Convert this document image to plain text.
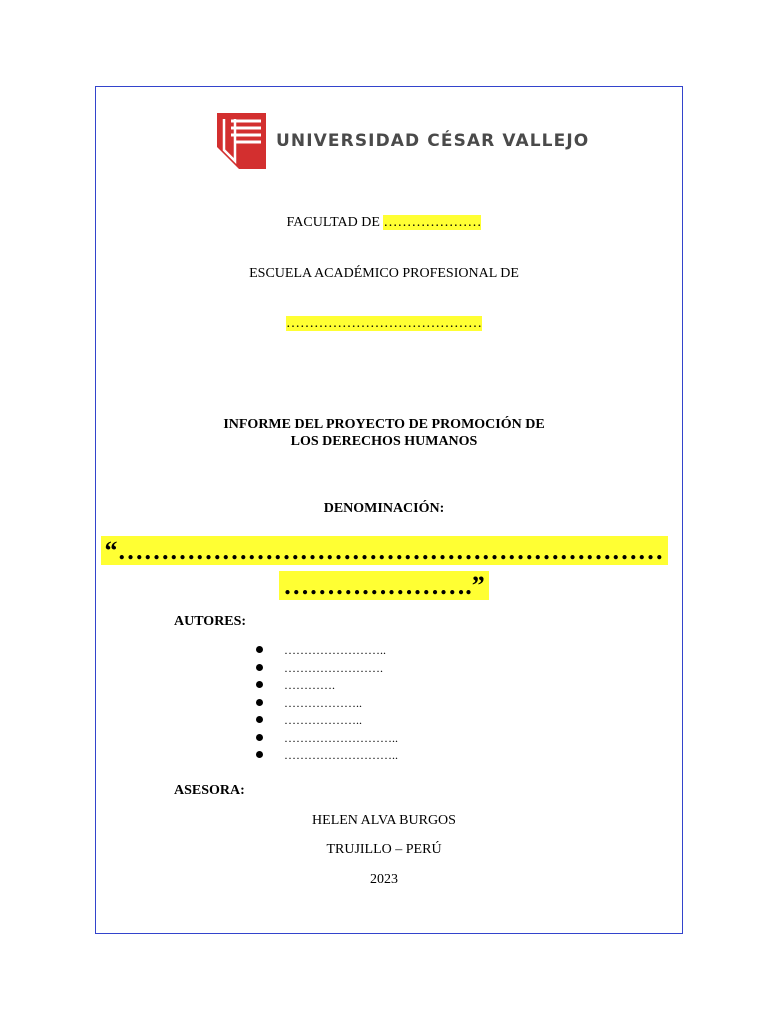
UNIVERSIDAD CÉSAR VALLEJO
FACULTAD DE …………………
ESCUELA ACADÉMICO PROFESIONAL DE
……………………………………
INFORME DEL PROYECTO DE PROMOCIÓN DE
LOS DERECHOS HUMANOS
DENOMINACIÓN:
“………………………………………………………
………………….”
AUTORES:
……………………..
…………………….
………….
………………..
………………..
………………………..
………………………..
ASESORA:
HELEN ALVA BURGOS
TRUJILLO – PERÚ
2023
